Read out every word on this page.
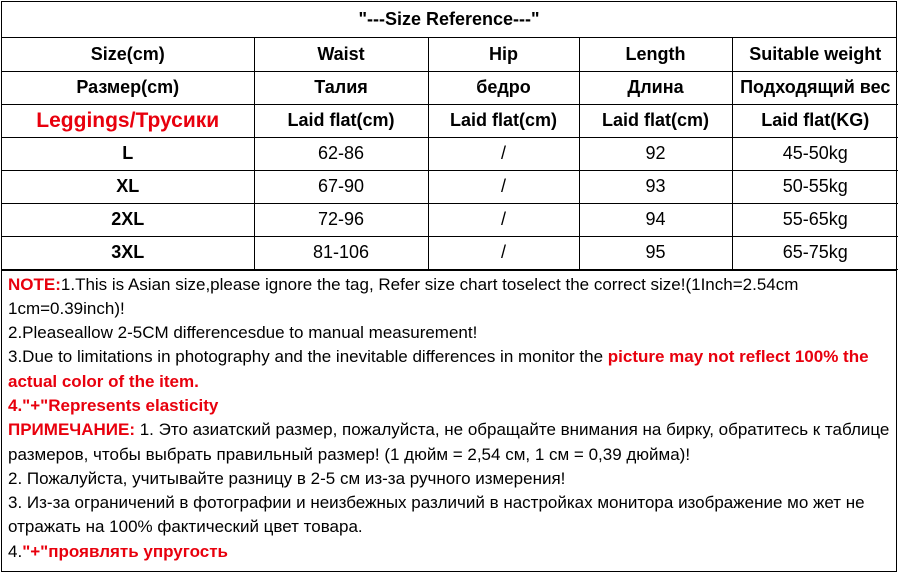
"---Size Reference---"
Size(cm)	Waist	Hip	Length	Suitable weight
Размер(cm)	Талия	бедро	Длина	Подходящий вес
Leggings/Трусики	Laid flat(cm)	Laid flat(cm)	Laid flat(cm)	Laid flat(KG)
L	62-86	/	92	45-50kg
XL	67-90	/	93	50-55kg
2XL	72-96	/	94	55-65kg
3XL	81-106	/	95	65-75kg

NOTE:1.This is Asian size,please ignore the tag, Refer size chart toselect the correct size!(1Inch=2.54cm 1cm=0.39inch)!

2.Pleaseallow 2-5CM differencesdue to manual measurement!

3.Due to limitations in photography and the inevitable differences in monitor the picture may not reflect 100% the actual color of the item.

4."+"Represents elasticity

ПРИМЕЧАНИЕ: 1. Это азиатский размер, пожалуйста, не обращайте внимания на бирку, обратитесь к таблице размеров, чтобы выбрать правильный размер! (1 дюйм = 2,54 см, 1 см = 0,39 дюйма)!

2. Пожалуйста, учитывайте разницу в 2-5 см из-за ручного измерения!

3. Из-за ограничений в фотографии и неизбежных различий в настройках монитора изображение мо жет не отражать на 100% фактический цвет товара.

4."+"проявлять упругость
